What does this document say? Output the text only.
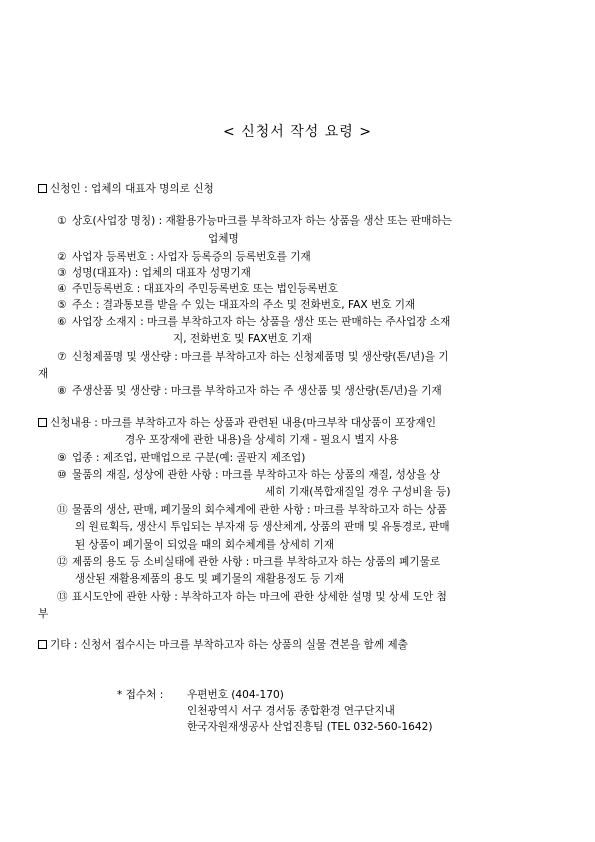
< 신청서 작성 요령 >
신청인 : 업체의 대표자 명의로 신청
① 상호(사업장 명칭) : 재활용가능마크를 부착하고자 하는 상품을 생산 또는 판매하는
업체명
② 사업자 등록번호 : 사업자 등록증의 등록번호를 기재
③ 성명(대표자) : 업체의 대표자 성명기재
④ 주민등록번호 : 대표자의 주민등록번호 또는 법인등록번호
⑤ 주소 : 결과통보를 받을 수 있는 대표자의 주소 및 전화번호, FAX 번호 기재
⑥ 사업장 소재지 : 마크를 부착하고자 하는 상품을 생산 또는 판매하는 주사업장 소재
지, 전화번호 및 FAX번호 기재
⑦ 신청제품명 및 생산량 : 마크를 부착하고자 하는 신청제품명 및 생산량(톤/년)을 기
재
⑧ 주생산품 및 생산량 : 마크를 부착하고자 하는 주 생산품 및 생산량(톤/년)을 기재
신청내용 : 마크를 부착하고자 하는 상품과 관련된 내용(마크부착 대상품이 포장재인
경우 포장재에 관한 내용)을 상세히 기재 - 필요시 별지 사용
⑨ 업종 : 제조업, 판매업으로 구분(예: 골판지 제조업)
⑩ 물품의 재질, 성상에 관한 사항 : 마크를 부착하고자 하는 상품의 재질, 성상을 상
세히 기재(복합재질일 경우 구성비율 등)
⑪ 물품의 생산, 판매, 폐기물의 회수체계에 관한 사항 : 마크를 부착하고자 하는 상품
의 원료획득, 생산시 투입되는 부자재 등 생산체계, 상품의 판매 및 유통경로, 판매
된 상품이 폐기물이 되었을 때의 회수체계를 상세히 기재
⑫ 제품의 용도 등 소비실태에 관한 사항 : 마크를 부착하고자 하는 상품의 폐기물로
생산된 재활용제품의 용도 및 폐기물의 재활용정도 등 기재
⑬ 표시도안에 관한 사항 : 부착하고자 하는 마크에 관한 상세한 설명 및 상세 도안 첨
부
기타 : 신청서 접수시는 마크를 부착하고자 하는 상품의 실물 견본을 함께 제출
* 접수처 : 우편번호 (404-170)
인천광역시 서구 경서동 종합환경 연구단지내
한국자원재생공사 산업진흥팀 (TEL 032-560-1642)
